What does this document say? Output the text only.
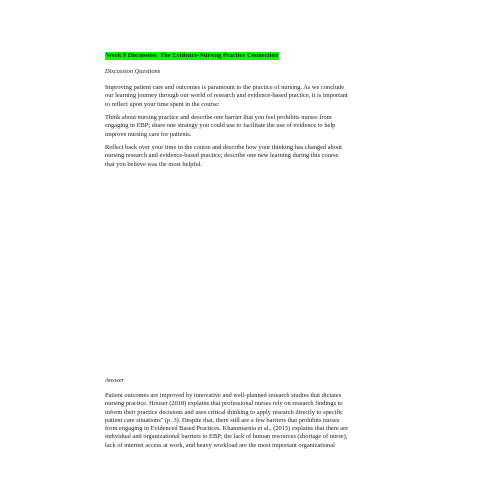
Week 8 Discussion: The Evidence-Nursing Practice Connection
Discussion Questions
Improving patient care and outcomes is paramount to the practice of nursing. As we conclude
our learning journey through our world of research and evidence-based practice, it is important
to reflect upon your time spent in the course:
Think about nursing practice and describe one barrier that you feel prohibits nurses from
engaging in EBP; share one strategy you could use to facilitate the use of evidence to help
improve nursing care for patients.
Reflect back over your time in the course and describe how your thinking has changed about
nursing research and evidence-based practice; describe one new learning during this course
that you believe was the most helpful.
Answer
Patient outcomes are improved by innovative and well-planned research studies that dictates
nursing practice. Houser (2018) explains that professional nurses rely on research findings to
inform their practice decisions and uses critical thinking to apply research directly to specific
patient care situations" (p. 3). Despite that, there still are a few barriers that prohibits nurses
from engaging in Evidenced Based Practices. Khammarnia et al., (2015) explains that there are
individual and organizational barriers to EBP; the lack of human resources (shortage of nurse),
lack of internet access at work, and heavy workload are the most important organizational
